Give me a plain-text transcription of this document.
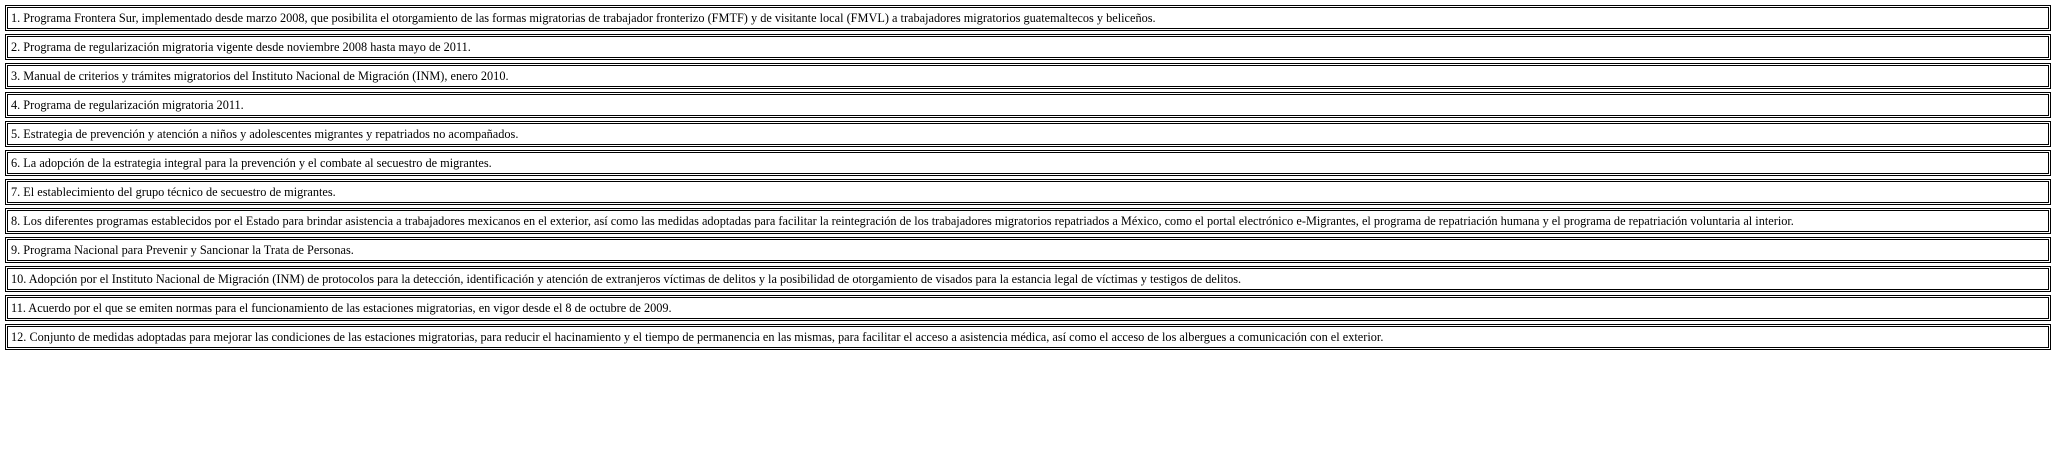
1. Programa Frontera Sur, implementado desde marzo 2008, que posibilita el otorgamiento de las formas migratorias de trabajador fronterizo (FMTF) y de visitante local (FMVL) a trabajadores migratorios guatemaltecos y beliceños.
2. Programa de regularización migratoria vigente desde noviembre 2008 hasta mayo de 2011.
3. Manual de criterios y trámites migratorios del Instituto Nacional de Migración (INM), enero 2010.
4. Programa de regularización migratoria 2011.
5. Estrategia de prevención y atención a niños y adolescentes migrantes y repatriados no acompañados.
6. La adopción de la estrategia integral para la prevención y el combate al secuestro de migrantes.
7. El establecimiento del grupo técnico de secuestro de migrantes.
8. Los diferentes programas establecidos por el Estado para brindar asistencia a trabajadores mexicanos en el exterior, así como las medidas adoptadas para facilitar la reintegración de los trabajadores migratorios repatriados a México, como el portal electrónico e-Migrantes, el programa de repatriación humana y el programa de repatriación voluntaria al interior.
9. Programa Nacional para Prevenir y Sancionar la Trata de Personas.
10. Adopción por el Instituto Nacional de Migración (INM) de protocolos para la detección, identificación y atención de extranjeros víctimas de delitos y la posibilidad de otorgamiento de visados para la estancia legal de víctimas y testigos de delitos.
11. Acuerdo por el que se emiten normas para el funcionamiento de las estaciones migratorias, en vigor desde el 8 de octubre de 2009.
12. Conjunto de medidas adoptadas para mejorar las condiciones de las estaciones migratorias, para reducir el hacinamiento y el tiempo de permanencia en las mismas, para facilitar el acceso a asistencia médica, así como el acceso de los albergues a comunicación con el exterior.
